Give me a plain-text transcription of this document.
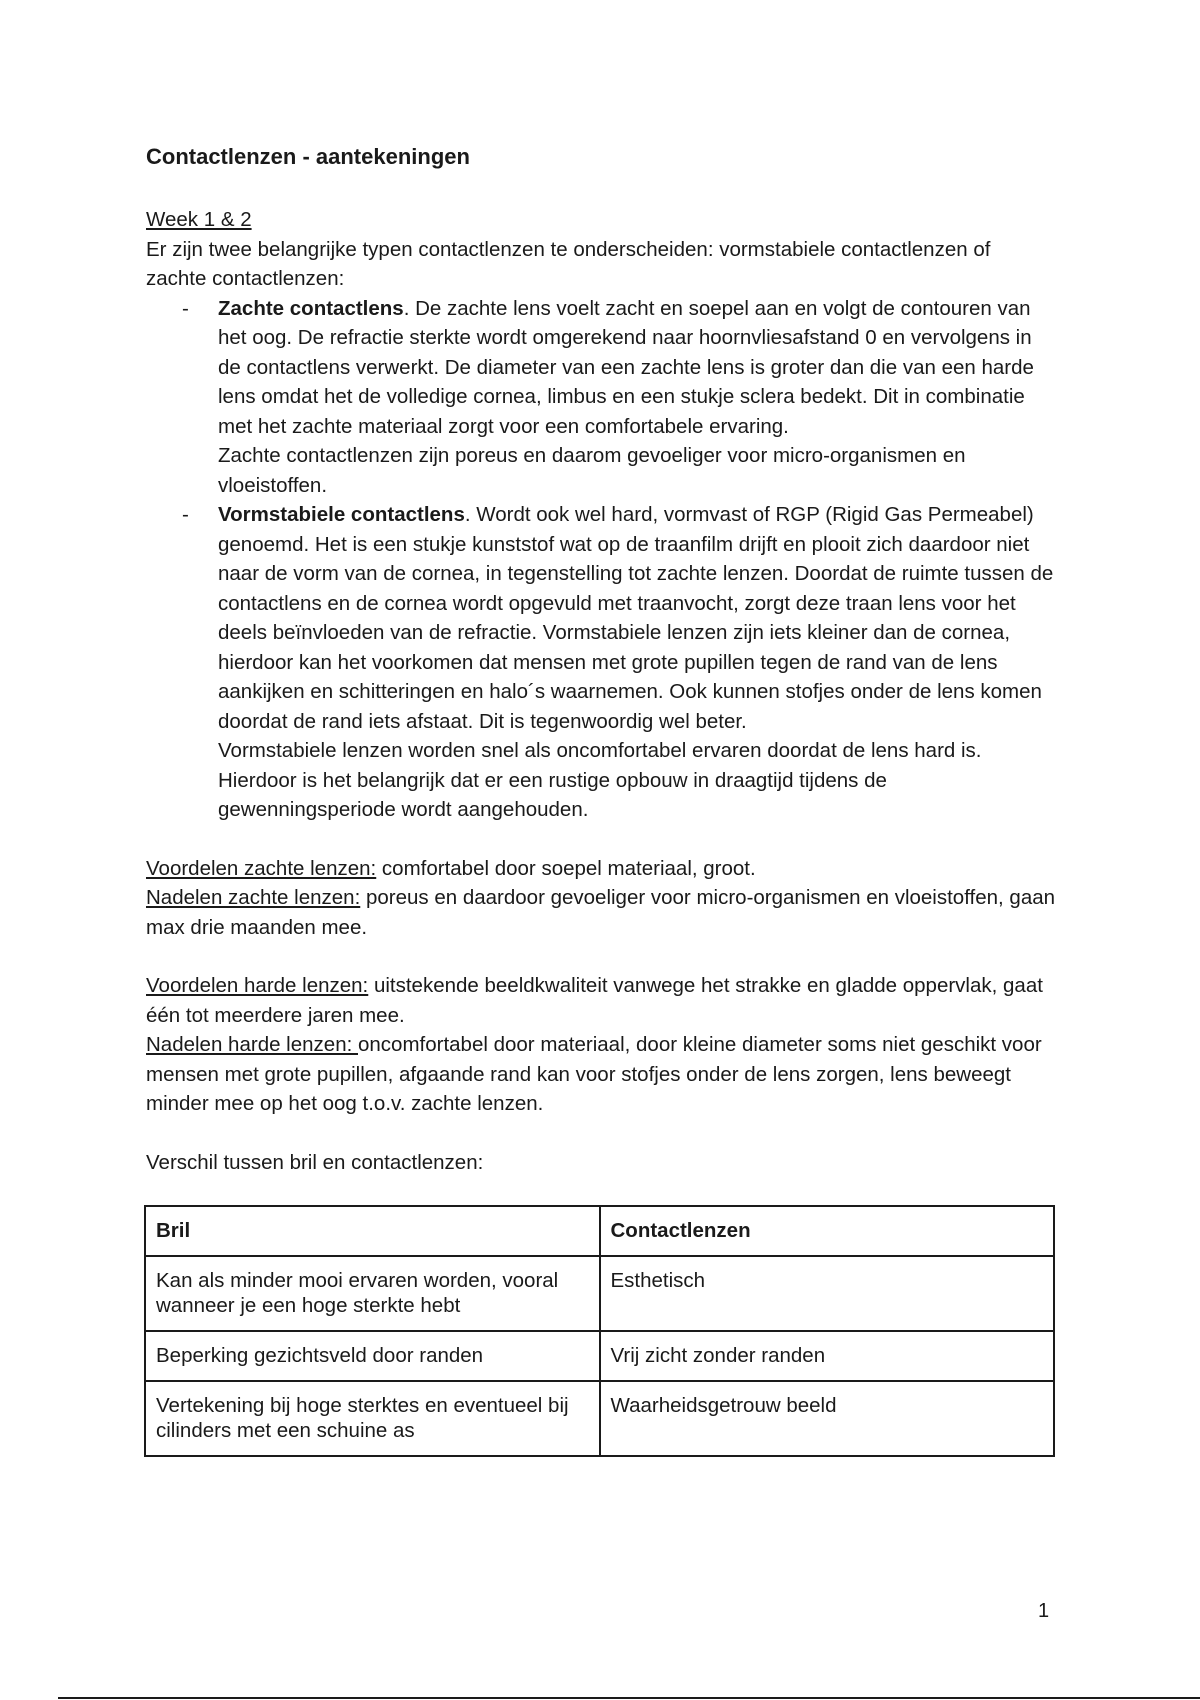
Contactlenzen - aantekeningen

Week 1 & 2

Er zijn twee belangrijke typen contactlenzen te onderscheiden: vormstabiele contactlenzen of zachte contactlenzen:

- Zachte contactlens. De zachte lens voelt zacht en soepel aan en volgt de contouren van het oog. De refractie sterkte wordt omgerekend naar hoornvliesafstand 0 en vervolgens in de contactlens verwerkt. De diameter van een zachte lens is groter dan die van een harde lens omdat het de volledige cornea, limbus en een stukje sclera bedekt. Dit in combinatie met het zachte materiaal zorgt voor een comfortabele ervaring.
Zachte contactlenzen zijn poreus en daarom gevoeliger voor micro-organismen en vloeistoffen.
- Vormstabiele contactlens. Wordt ook wel hard, vormvast of RGP (Rigid Gas Permeabel) genoemd. Het is een stukje kunststof wat op de traanfilm drijft en plooit zich daardoor niet naar de vorm van de cornea, in tegenstelling tot zachte lenzen. Doordat de ruimte tussen de contactlens en de cornea wordt opgevuld met traanvocht, zorgt deze traan lens voor het deels beïnvloeden van de refractie. Vormstabiele lenzen zijn iets kleiner dan de cornea, hierdoor kan het voorkomen dat mensen met grote pupillen tegen de rand van de lens aankijken en schitteringen en halo´s waarnemen. Ook kunnen stofjes onder de lens komen doordat de rand iets afstaat. Dit is tegenwoordig wel beter.
Vormstabiele lenzen worden snel als oncomfortabel ervaren doordat de lens hard is. Hierdoor is het belangrijk dat er een rustige opbouw in draagtijd tijdens de gewenningsperiode wordt aangehouden.

Voordelen zachte lenzen: comfortabel door soepel materiaal, groot.

Nadelen zachte lenzen: poreus en daardoor gevoeliger voor micro-organismen en vloeistoffen, gaan max drie maanden mee.

Voordelen harde lenzen: uitstekende beeldkwaliteit vanwege het strakke en gladde oppervlak, gaat één tot meerdere jaren mee.

Nadelen harde lenzen: oncomfortabel door materiaal, door kleine diameter soms niet geschikt voor mensen met grote pupillen, afgaande rand kan voor stofjes onder de lens zorgen, lens beweegt minder mee op het oog t.o.v. zachte lenzen.

Verschil tussen bril en contactlenzen:

Bril	Contactlenzen
Kan als minder mooi ervaren worden, vooral wanneer je een hoge sterkte hebt	Esthetisch
Beperking gezichtsveld door randen	Vrij zicht zonder randen
Vertekening bij hoge sterktes en eventueel bij cilinders met een schuine as	Waarheidsgetrouw beeld
1
